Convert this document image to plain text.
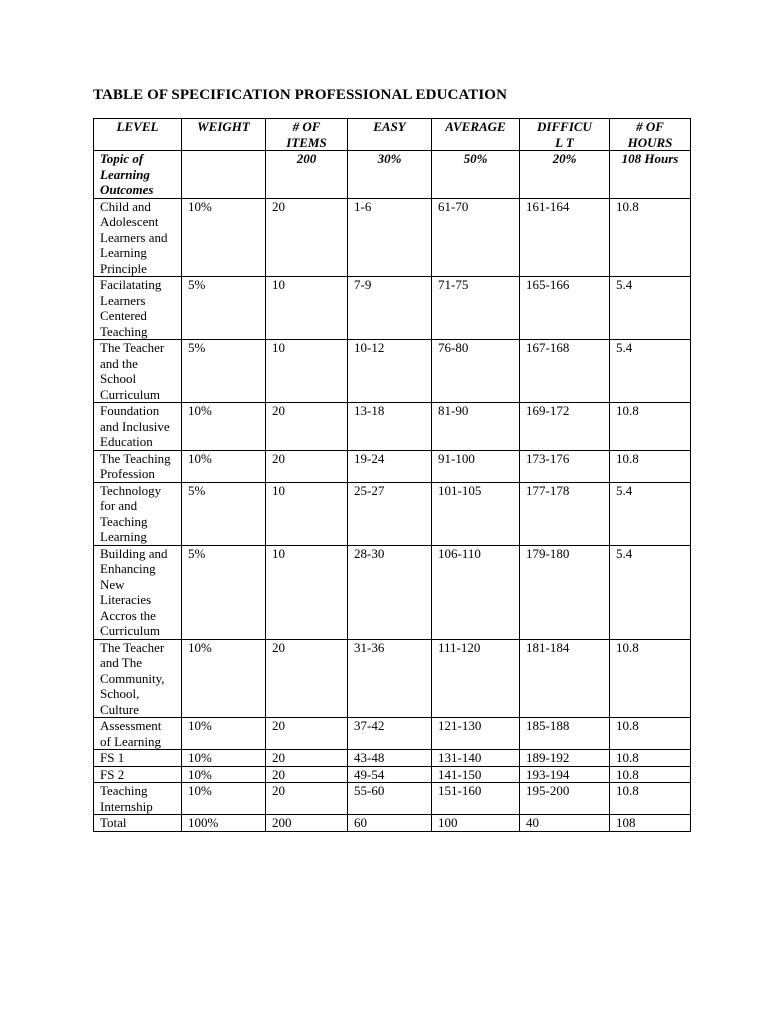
TABLE OF SPECIFICATION PROFESSIONAL EDUCATION
LEVEL	WEIGHT	# OF ITEMS	EASY	AVERAGE	DIFFICUL T	# OF HOURS
Topic of Learning Outcomes		200	30%	50%	20%	108 Hours
Child and Adolescent Learners and Learning Principle	10%	20	1-6	61-70	161-164	10.8
Facilatating Learners Centered Teaching	5%	10	7-9	71-75	165-166	5.4
The Teacher and the School Curriculum	5%	10	10-12	76-80	167-168	5.4
Foundation and Inclusive Education	10%	20	13-18	81-90	169-172	10.8
The Teaching Profession	10%	20	19-24	91-100	173-176	10.8
Technology for and Teaching Learning	5%	10	25-27	101-105	177-178	5.4
Building and Enhancing New Literacies Accros the Curriculum	5%	10	28-30	106-110	179-180	5.4
The Teacher and The Community, School, Culture	10%	20	31-36	111-120	181-184	10.8
Assessment of Learning	10%	20	37-42	121-130	185-188	10.8
FS 1	10%	20	43-48	131-140	189-192	10.8
FS 2	10%	20	49-54	141-150	193-194	10.8
Teaching Internship	10%	20	55-60	151-160	195-200	10.8
Total	100%	200	60	100	40	108
